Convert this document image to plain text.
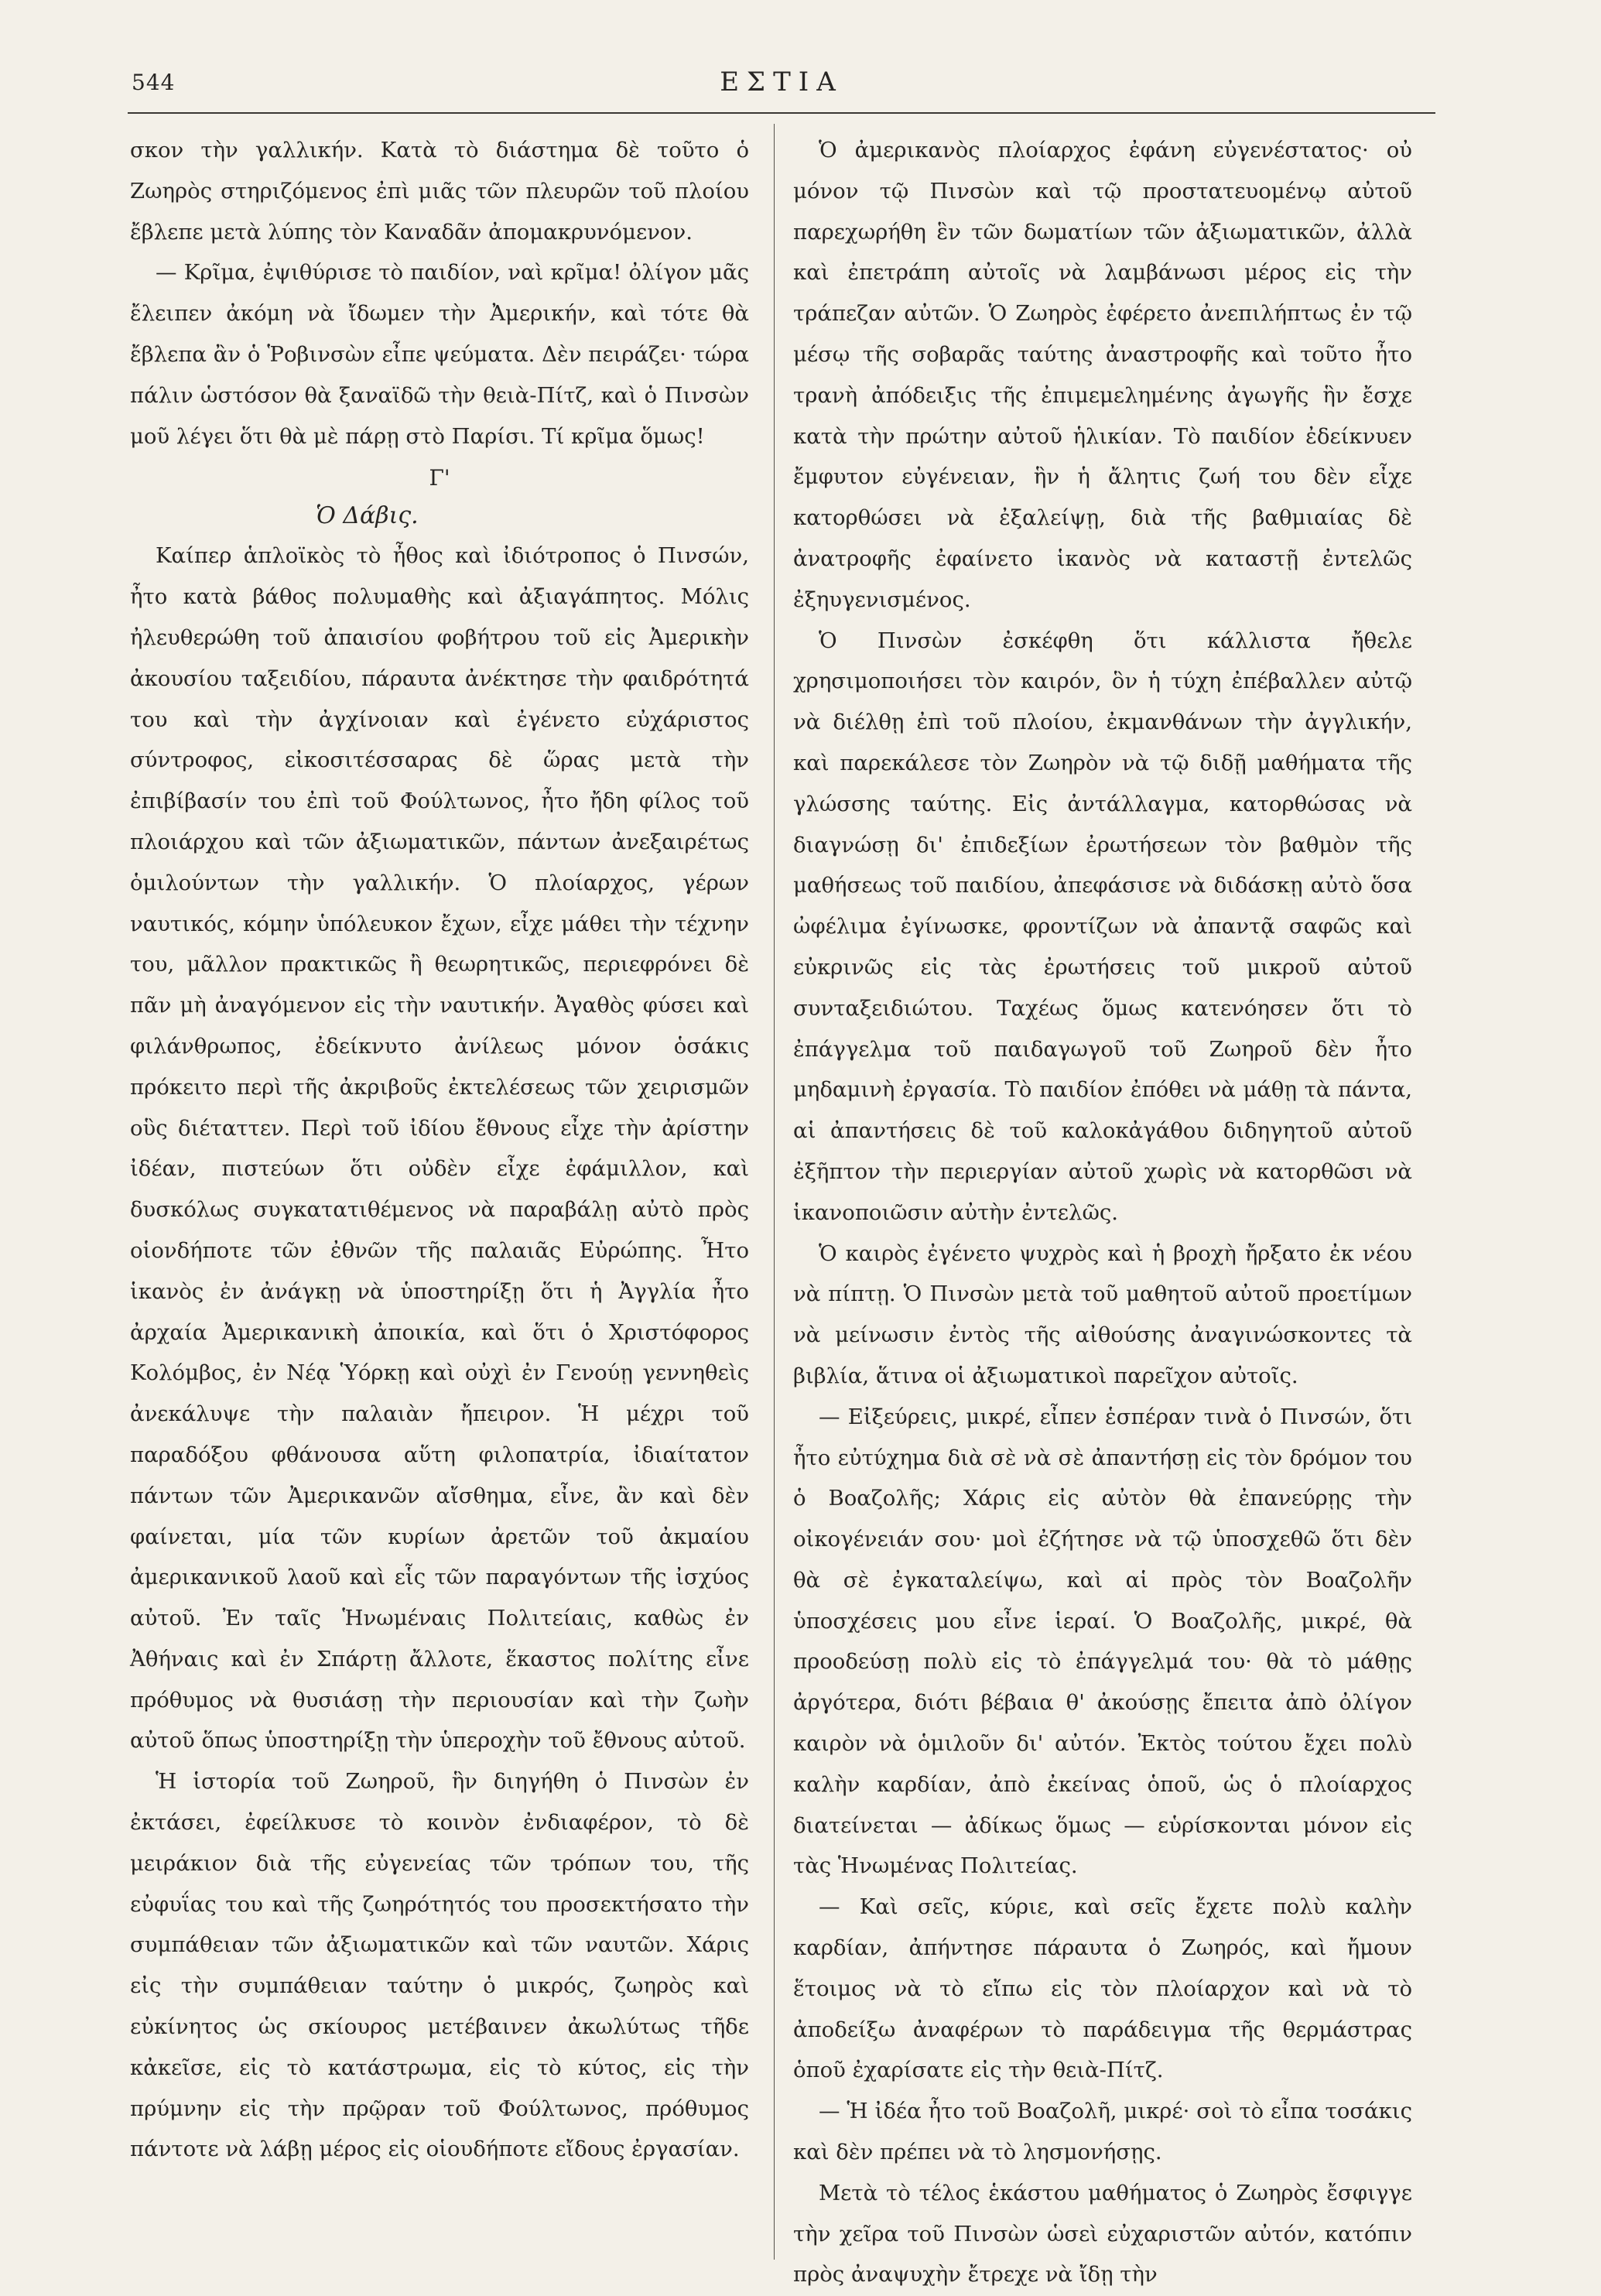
544	ΕΣΤΙΑ

σκον τὴν γαλλικήν. Κατὰ τὸ διάστημα δὲ τοῦτο ὁ Ζωηρὸς στηριζόμενος ἐπὶ μιᾶς τῶν πλευρῶν τοῦ πλοίου ἔβλεπε μετὰ λύπης τὸν Καναδᾶν ἀπομακρυνόμενον.

— Κρῖμα, ἐψιθύρισε τὸ παιδίον, ναὶ κρῖμα! ὀλίγον μᾶς ἔλειπεν ἀκόμη νὰ ἴδωμεν τὴν Ἀμερικήν, καὶ τότε θὰ ἔβλεπα ἂν ὁ Ῥοβινσὼν εἶπε ψεύματα. Δὲν πειράζει· τώρα πάλιν ὡστόσον θὰ ξαναϊδῶ τὴν θειὰ-Πίτζ, καὶ ὁ Πινσὼν μοῦ λέγει ὅτι θὰ μὲ πάρῃ στὸ Παρίσι. Τί κρῖμα ὅμως!

Γ'
Ὁ Δάβις.

Καίπερ ἁπλοϊκὸς τὸ ἦθος καὶ ἰδιότροπος ὁ Πινσών, ἦτο κατὰ βάθος πολυμαθὴς καὶ ἀξιαγάπητος. Μόλις ἠλευθερώθη τοῦ ἀπαισίου φοβήτρου τοῦ εἰς Ἀμερικὴν ἀκουσίου ταξειδίου, πάραυτα ἀνέκτησε τὴν φαιδρότητά του καὶ τὴν ἀγχίνοιαν καὶ ἐγένετο εὐχάριστος σύντροφος, εἰκοσιτέσσαρας δὲ ὥρας μετὰ τὴν ἐπιβίβασίν του ἐπὶ τοῦ Φούλτωνος, ἦτο ἤδη φίλος τοῦ πλοιάρχου καὶ τῶν ἀξιωματικῶν, πάντων ἀνεξαιρέτως ὁμιλούντων τὴν γαλλικήν. Ὁ πλοίαρχος, γέρων ναυτικός, κόμην ὑπόλευκον ἔχων, εἶχε μάθει τὴν τέχνην του, μᾶλλον πρακτικῶς ἢ θεωρητικῶς, περιεφρόνει δὲ πᾶν μὴ ἀναγόμενον εἰς τὴν ναυτικήν. Ἀγαθὸς φύσει καὶ φιλάνθρωπος, ἐδείκνυτο ἀνίλεως μόνον ὁσάκις πρόκειτο περὶ τῆς ἀκριβοῦς ἐκτελέσεως τῶν χειρισμῶν οὓς διέταττεν. Περὶ τοῦ ἰδίου ἔθνους εἶχε τὴν ἀρίστην ἰδέαν, πιστεύων ὅτι οὐδὲν εἶχε ἐφάμιλλον, καὶ δυσκόλως συγκατατιθέμενος νὰ παραβάλῃ αὐτὸ πρὸς οἱονδήποτε τῶν ἐθνῶν τῆς παλαιᾶς Εὐρώπης. Ἦτο ἱκανὸς ἐν ἀνάγκῃ νὰ ὑποστηρίξῃ ὅτι ἡ Ἀγγλία ἦτο ἀρχαία Ἀμερικανικὴ ἀποικία, καὶ ὅτι ὁ Χριστόφορος Κολόμβος, ἐν Νέᾳ Ὑόρκῃ καὶ οὐχὶ ἐν Γενούῃ γεννηθεὶς ἀνεκάλυψε τὴν παλαιὰν ἤπειρον. Ἡ μέχρι τοῦ παραδόξου φθάνουσα αὕτη φιλοπατρία, ἰδιαίτατον πάντων τῶν Ἀμερικανῶν αἴσθημα, εἶνε, ἂν καὶ δὲν φαίνεται, μία τῶν κυρίων ἀρετῶν τοῦ ἀκμαίου ἀμερικανικοῦ λαοῦ καὶ εἷς τῶν παραγόντων τῆς ἰσχύος αὐτοῦ. Ἐν ταῖς Ἡνωμέναις Πολιτείαις, καθὼς ἐν Ἀθήναις καὶ ἐν Σπάρτῃ ἄλλοτε, ἕκαστος πολίτης εἶνε πρόθυμος νὰ θυσιάσῃ τὴν περιουσίαν καὶ τὴν ζωὴν αὐτοῦ ὅπως ὑποστηρίξῃ τὴν ὑπεροχὴν τοῦ ἔθνους αὐτοῦ.

Ἡ ἱστορία τοῦ Ζωηροῦ, ἣν διηγήθη ὁ Πινσὼν ἐν ἐκτάσει, ἐφείλκυσε τὸ κοινὸν ἐνδιαφέρον, τὸ δὲ μειράκιον διὰ τῆς εὐγενείας τῶν τρόπων του, τῆς εὐφυΐας του καὶ τῆς ζωηρότητός του προσεκτήσατο τὴν συμπάθειαν τῶν ἀξιωματικῶν καὶ τῶν ναυτῶν. Χάρις εἰς τὴν συμπάθειαν ταύτην ὁ μικρός, ζωηρὸς καὶ εὐκίνητος ὡς σκίουρος μετέβαινεν ἀκωλύτως τῆδε κἀκεῖσε, εἰς τὸ κατάστρωμα, εἰς τὸ κύτος, εἰς τὴν πρύμνην εἰς τὴν πρῷραν τοῦ Φούλτωνος, πρόθυμος πάντοτε νὰ λάβῃ μέρος εἰς οἱουδήποτε εἴδους ἐργασίαν.

Ὁ ἀμερικανὸς πλοίαρχος ἐφάνη εὐγενέστατος· οὐ μόνον τῷ Πινσὼν καὶ τῷ προστατευομένῳ αὐτοῦ παρεχωρήθη ἓν τῶν δωματίων τῶν ἀξιωματικῶν, ἀλλὰ καὶ ἐπετράπη αὐτοῖς νὰ λαμβάνωσι μέρος εἰς τὴν τράπεζαν αὐτῶν. Ὁ Ζωηρὸς ἐφέρετο ἀνεπιλήπτως ἐν τῷ μέσῳ τῆς σοβαρᾶς ταύτης ἀναστροφῆς καὶ τοῦτο ἦτο τρανὴ ἀπόδειξις τῆς ἐπιμεμελημένης ἀγωγῆς ἣν ἔσχε κατὰ τὴν πρώτην αὐτοῦ ἡλικίαν. Τὸ παιδίον ἐδείκνυεν ἔμφυτον εὐγένειαν, ἣν ἡ ἄλητις ζωή του δὲν εἶχε κατορθώσει νὰ ἐξαλείψῃ, διὰ τῆς βαθμιαίας δὲ ἀνατροφῆς ἐφαίνετο ἱκανὸς νὰ καταστῇ ἐντελῶς ἐξηυγενισμένος.

Ὁ Πινσὼν ἐσκέφθη ὅτι κάλλιστα ἤθελε χρησιμοποιήσει τὸν καιρόν, ὃν ἡ τύχη ἐπέβαλλεν αὐτῷ νὰ διέλθῃ ἐπὶ τοῦ πλοίου, ἐκμανθάνων τὴν ἀγγλικήν, καὶ παρεκάλεσε τὸν Ζωηρὸν νὰ τῷ διδῇ μαθήματα τῆς γλώσσης ταύτης. Εἰς ἀντάλλαγμα, κατορθώσας νὰ διαγνώσῃ δι' ἐπιδεξίων ἐρωτήσεων τὸν βαθμὸν τῆς μαθήσεως τοῦ παιδίου, ἀπεφάσισε νὰ διδάσκῃ αὐτὸ ὅσα ὠφέλιμα ἐγίνωσκε, φροντίζων νὰ ἀπαντᾷ σαφῶς καὶ εὐκρινῶς εἰς τὰς ἐρωτήσεις τοῦ μικροῦ αὐτοῦ συνταξειδιώτου. Ταχέως ὅμως κατενόησεν ὅτι τὸ ἐπάγγελμα τοῦ παιδαγωγοῦ τοῦ Ζωηροῦ δὲν ἦτο μηδαμινὴ ἐργασία. Τὸ παιδίον ἐπόθει νὰ μάθῃ τὰ πάντα, αἱ ἀπαντήσεις δὲ τοῦ καλοκἀγάθου διδηγητοῦ αὐτοῦ ἐξῆπτον τὴν περιεργίαν αὐτοῦ χωρὶς νὰ κατορθῶσι νὰ ἱκανοποιῶσιν αὐτὴν ἐντελῶς.

Ὁ καιρὸς ἐγένετο ψυχρὸς καὶ ἡ βροχὴ ἤρξατο ἐκ νέου νὰ πίπτῃ. Ὁ Πινσὼν μετὰ τοῦ μαθητοῦ αὐτοῦ προετίμων νὰ μείνωσιν ἐντὸς τῆς αἰθούσης ἀναγινώσκοντες τὰ βιβλία, ἅτινα οἱ ἀξιωματικοὶ παρεῖχον αὐτοῖς.

— Εἰξεύρεις, μικρέ, εἶπεν ἑσπέραν τινὰ ὁ Πινσών, ὅτι ἦτο εὐτύχημα διὰ σὲ νὰ σὲ ἀπαντήσῃ εἰς τὸν δρόμον του ὁ Βοαζολῆς; Χάρις εἰς αὐτὸν θὰ ἐπανεύρῃς τὴν οἰκογένειάν σου· μοὶ ἐζήτησε νὰ τῷ ὑποσχεθῶ ὅτι δὲν θὰ σὲ ἐγκαταλείψω, καὶ αἱ πρὸς τὸν Βοαζολῆν ὑποσχέσεις μου εἶνε ἱεραί. Ὁ Βοαζολῆς, μικρέ, θὰ προοδεύσῃ πολὺ εἰς τὸ ἐπάγγελμά του· θὰ τὸ μάθῃς ἀργότερα, διότι βέβαια θ' ἀκούσῃς ἔπειτα ἀπὸ ὀλίγον καιρὸν νὰ ὁμιλοῦν δι' αὐτόν. Ἐκτὸς τούτου ἔχει πολὺ καλὴν καρδίαν, ἀπὸ ἐκείνας ὁποῦ, ὡς ὁ πλοίαρχος διατείνεται — ἀδίκως ὅμως — εὑρίσκονται μόνον εἰς τὰς Ἡνωμένας Πολιτείας.

— Καὶ σεῖς, κύριε, καὶ σεῖς ἔχετε πολὺ καλὴν καρδίαν, ἀπήντησε πάραυτα ὁ Ζωηρός, καὶ ἤμουν ἕτοιμος νὰ τὸ εἴπω εἰς τὸν πλοίαρχον καὶ νὰ τὸ ἀποδείξω ἀναφέρων τὸ παράδειγμα τῆς θερμάστρας ὁποῦ ἐχαρίσατε εἰς τὴν θειὰ-Πίτζ.

— Ἡ ἰδέα ἦτο τοῦ Βοαζολῆ, μικρέ· σοὶ τὸ εἶπα τοσάκις καὶ δὲν πρέπει νὰ τὸ λησμονήσῃς.

Μετὰ τὸ τέλος ἑκάστου μαθήματος ὁ Ζωηρὸς ἔσφιγγε τὴν χεῖρα τοῦ Πινσὼν ὡσεὶ εὐχαριστῶν αὐτόν, κατόπιν πρὸς ἀναψυχὴν ἔτρεχε νὰ ἴδῃ τὴν
